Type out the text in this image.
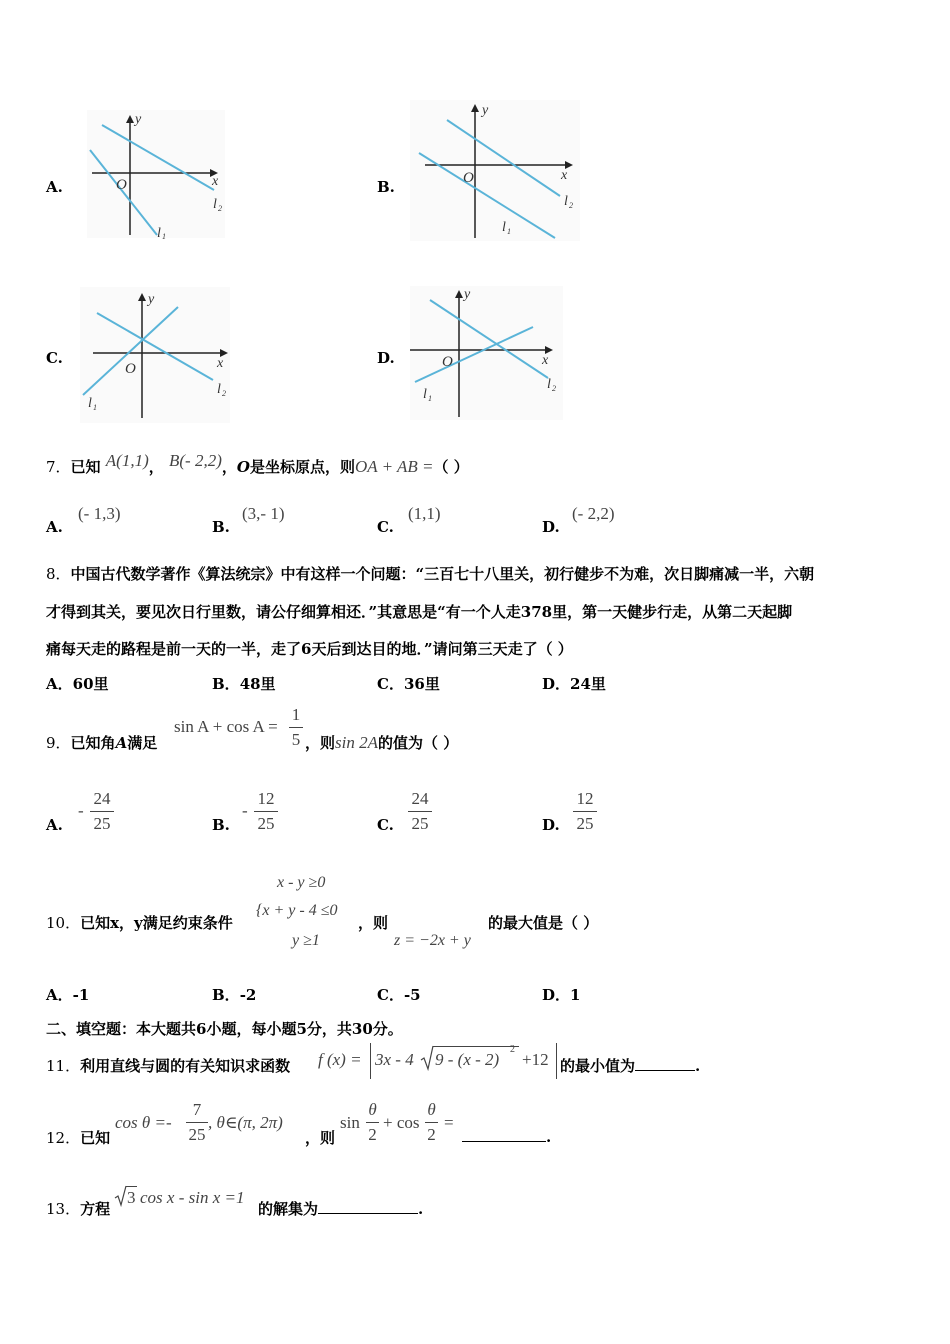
A.
y
x
O
l 1
l 2
B.
y
x
O
l 1
l 2
C.
y
x
O
l 1
l 2
D.
y
x
O
l 1
l 2
7．已知 A(1,1)， B(- 2,2)，O是坐标原点，则OA + AB =（ ）
A.
(- 1,3)
B.
(3,- 1)
C.
(1,1)
D.
(- 2,2)
8．中国古代数学著作《算法统宗》中有这样一个问题：“三百七十八里关，初行健步不为难，次日脚痛减一半，六朝
才得到其关，要见次日行里数，请公仔细算相还．”其意思是“有一个人走378里，第一天健步行走，从第二天起脚
痛每天走的路程是前一天的一半，走了6天后到达目的地．”请问第三天走了（ ）
A．60里	B．48里	C．36里	D．24里
9．已知角A满足
sin A + cos A =
1
5 ，则sin 2A的值为（ ）
A.
-
24
25	B.
-
12
25	C.
24
25	D.
12
25
x - y ≥0
10．已知x，y满足约束条件
{x + y - 4 ≤0
，则
y ≥1	z = −2x + y
的最大值是（ ）
A．-1	B．-2	C．-5	D．1
二、填空题：本大题共6小题，每小题5分，共30分。
11．利用直线与圆的有关知识求函数 f (x) = 3x - 4 9 - (x - 2)
2
+12 的最小值为	.
12．已知
cos θ =-
7
25
, θ∈(π, 2π)
，则
sin
θ
2
+ cos
θ
2
=
.
13．方程
3 cos x - sin x =1
的解集为	.
